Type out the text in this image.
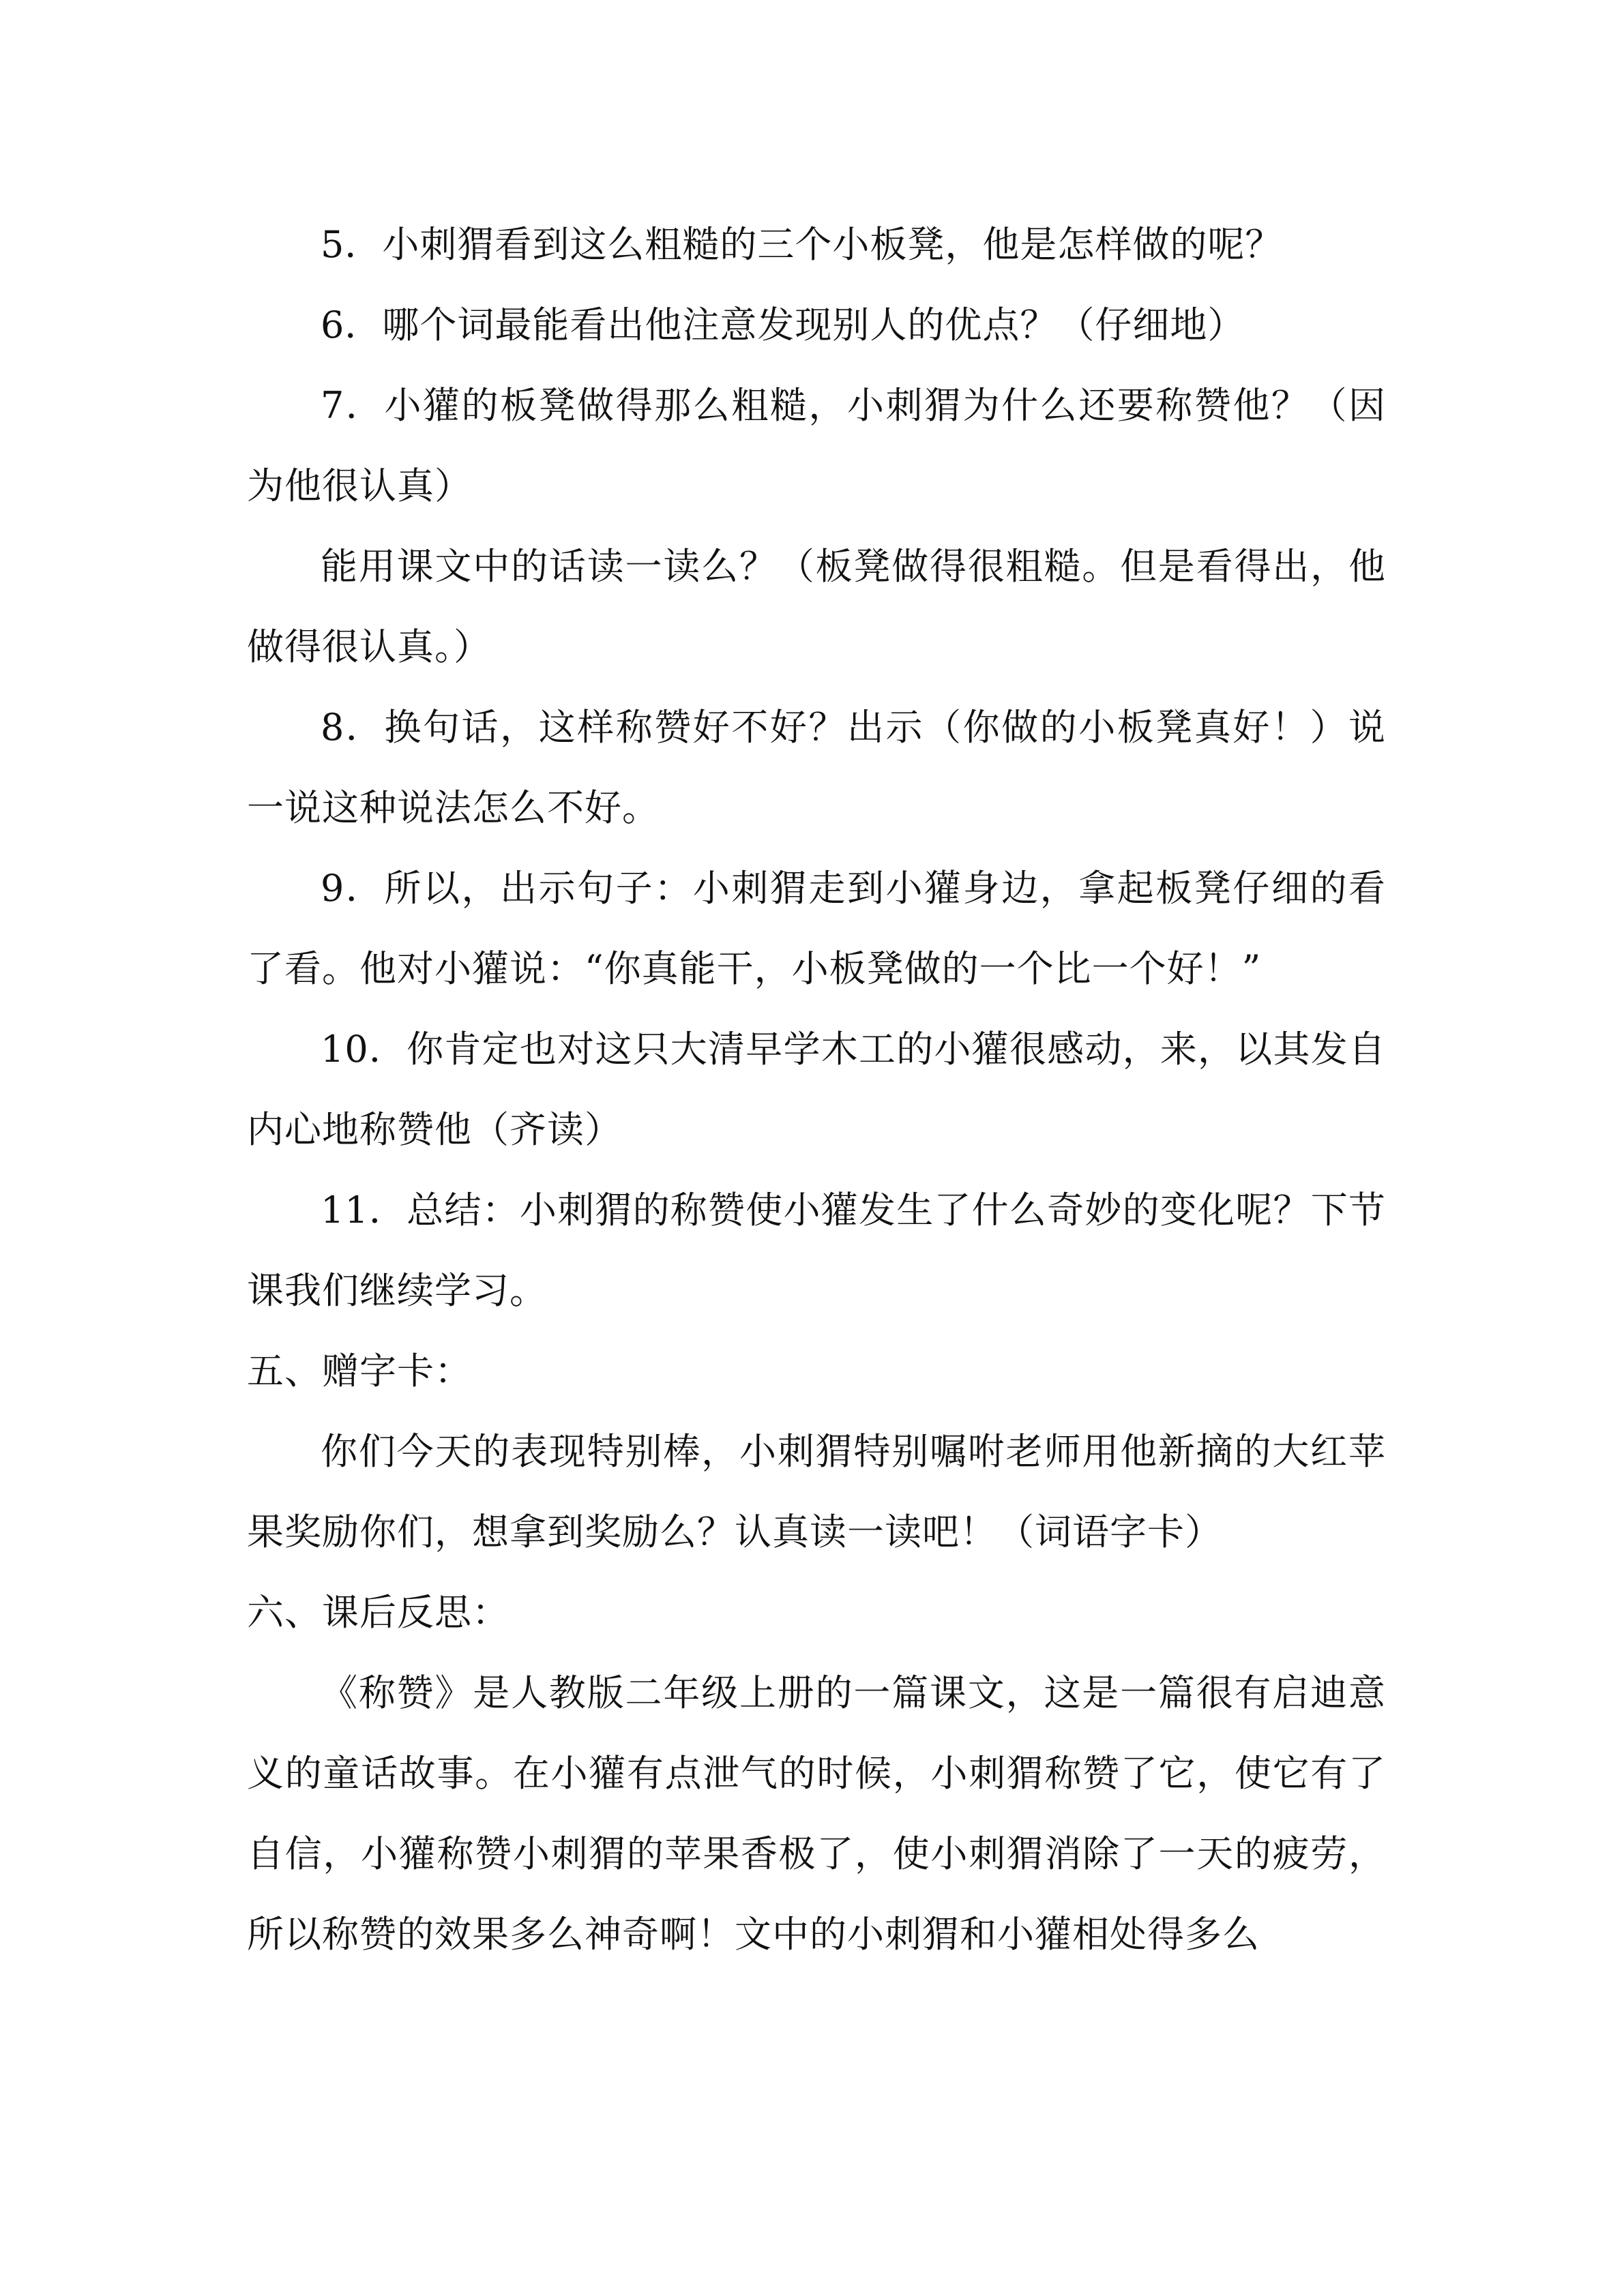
5．小刺猬看到这么粗糙的三个小板凳，他是怎样做的呢？

6．哪个词最能看出他注意发现别人的优点？（仔细地）

7．小獾的板凳做得那么粗糙，小刺猬为什么还要称赞他？（因为他很认真）

能用课文中的话读一读么？（板凳做得很粗糙。但是看得出，他做得很认真。）

8．换句话，这样称赞好不好？出示（你做的小板凳真好！）说一说这种说法怎么不好。

9．所以，出示句子：小刺猬走到小獾身边，拿起板凳仔细的看了看。他对小獾说：“你真能干，小板凳做的一个比一个好！”

10．你肯定也对这只大清早学木工的小獾很感动，来，以其发自内心地称赞他（齐读）

11．总结：小刺猬的称赞使小獾发生了什么奇妙的变化呢？下节课我们继续学习。

五、赠字卡：

你们今天的表现特别棒，小刺猬特别嘱咐老师用他新摘的大红苹果奖励你们，想拿到奖励么？认真读一读吧！（词语字卡）

六、课后反思：

《称赞》是人教版二年级上册的一篇课文，这是一篇很有启迪意义的童话故事。在小獾有点泄气的时候，小刺猬称赞了它，使它有了自信，小獾称赞小刺猬的苹果香极了，使小刺猬消除了一天的疲劳，所以称赞的效果多么神奇啊！文中的小刺猬和小獾相处得多么
